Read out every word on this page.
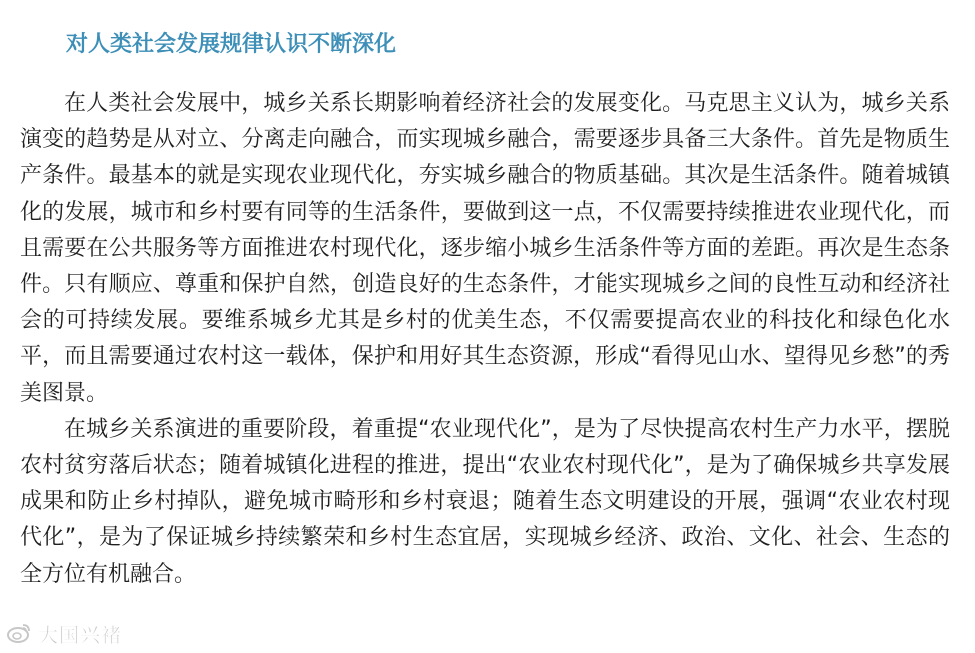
对人类社会发展规律认识不断深化

在人类社会发展中，城乡关系长期影响着经济社会的发展变化。马克思主义认为，城乡关系演变的趋势是从对立、分离走向融合，而实现城乡融合，需要逐步具备三大条件。首先是物质生产条件。最基本的就是实现农业现代化，夯实城乡融合的物质基础。其次是生活条件。随着城镇化的发展，城市和乡村要有同等的生活条件，要做到这一点，不仅需要持续推进农业现代化，而且需要在公共服务等方面推进农村现代化，逐步缩小城乡生活条件等方面的差距。再次是生态条件。只有顺应、尊重和保护自然，创造良好的生态条件，才能实现城乡之间的良性互动和经济社会的可持续发展。要维系城乡尤其是乡村的优美生态，不仅需要提高农业的科技化和绿色化水平，而且需要通过农村这一载体，保护和用好其生态资源，形成“看得见山水、望得见乡愁”的秀美图景。

在城乡关系演进的重要阶段，着重提“农业现代化”，是为了尽快提高农村生产力水平，摆脱农村贫穷落后状态；随着城镇化进程的推进，提出“农业农村现代化”，是为了确保城乡共享发展成果和防止乡村掉队，避免城市畸形和乡村衰退；随着生态文明建设的开展，强调“农业农村现代化”，是为了保证城乡持续繁荣和乡村生态宜居，实现城乡经济、政治、文化、社会、生态的全方位有机融合。

大国兴褚
